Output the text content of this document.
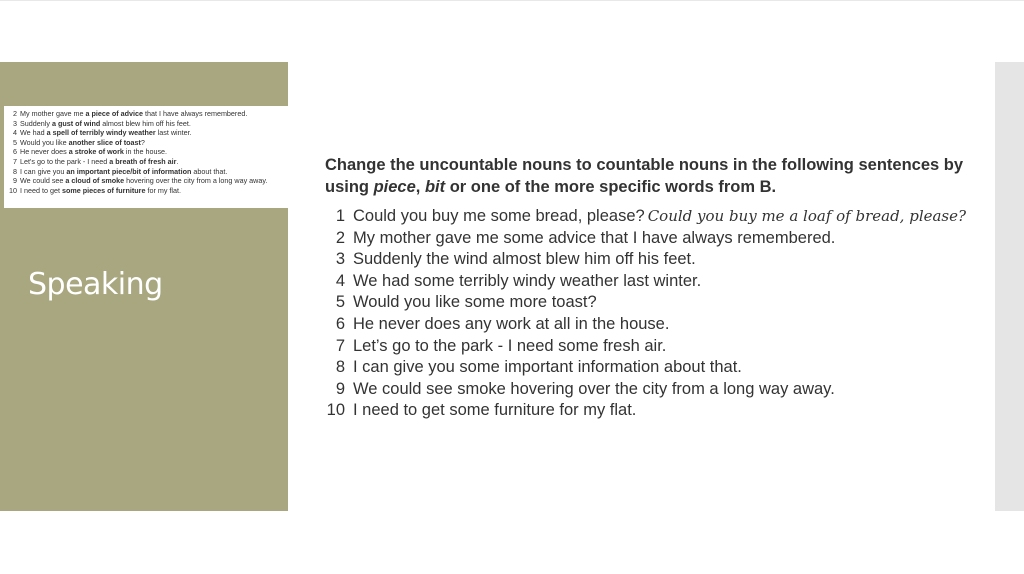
2 My mother gave me a piece of advice that I have always remembered.
3 Suddenly a gust of wind almost blew him off his feet.
4 We had a spell of terribly windy weather last winter.
5 Would you like another slice of toast?
6 He never does a stroke of work in the house.
7 Let's go to the park - I need a breath of fresh air.
8 I can give you an important piece/bit of information about that.
9 We could see a cloud of smoke hovering over the city from a long way away.
10 I need to get some pieces of furniture for my flat.
Speaking

Change the uncountable nouns to countable nouns in the following sentences by using piece, bit or one of the more specific words from B.

1 Could you buy me some bread, please? Could you buy me a loaf of bread, please?
2 My mother gave me some advice that I have always remembered.
3 Suddenly the wind almost blew him off his feet.
4 We had some terribly windy weather last winter.
5 Would you like some more toast?
6 He never does any work at all in the house.
7 Let’s go to the park - I need some fresh air.
8 I can give you some important information about that.
9 We could see smoke hovering over the city from a long way away.
10 I need to get some furniture for my flat.
